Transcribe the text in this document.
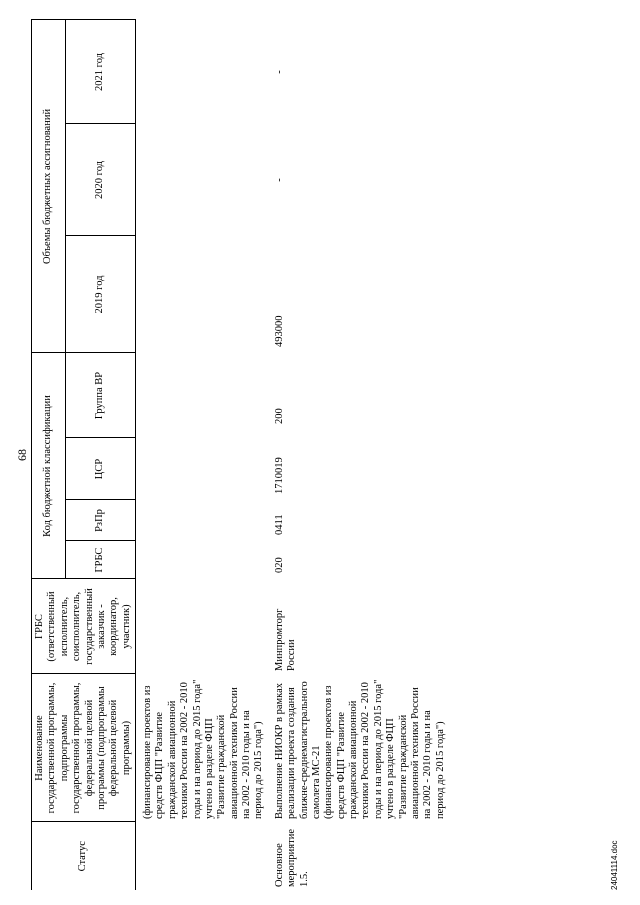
68
Статус	Наименование государственной программы, подпрограммы государственной программы, федеральной целевой программы (подпрограммы федеральной целевой программы)	ГРБС (ответственный исполнитель, соисполнитель, государственный заказчик - координатор, участник)	Код бюджетной классификации				Объемы бюджетных ассигнований		
			ГРБС	РзПр	ЦСР	Группа ВР	2019 год	2020 год	2021 год
	(финансирование проектов из средств ФЦП "Развитие гражданской авиационной техники России на 2002 - 2010 годы и на период до 2015 года" учтено в разделе ФЦП "Развитие гражданской авиационной техники России на 2002 - 2010 годы и на период до 2015 года")								
Основное мероприятие 1.5.	Выполнение НИОКР в рамках реализации проекта создания ближне-среднемагистрального самолета МС-21 (финансирование проектов из средств ФЦП "Развитие гражданской авиационной техники России на 2002 - 2010 годы и на период до 2015 года" учтено в разделе ФЦП "Развитие гражданской авиационной техники России на 2002 - 2010 годы и на период до 2015 года")	Минпромторг России	020	0411	1710019	200	493000	-	-
24041114.doc
